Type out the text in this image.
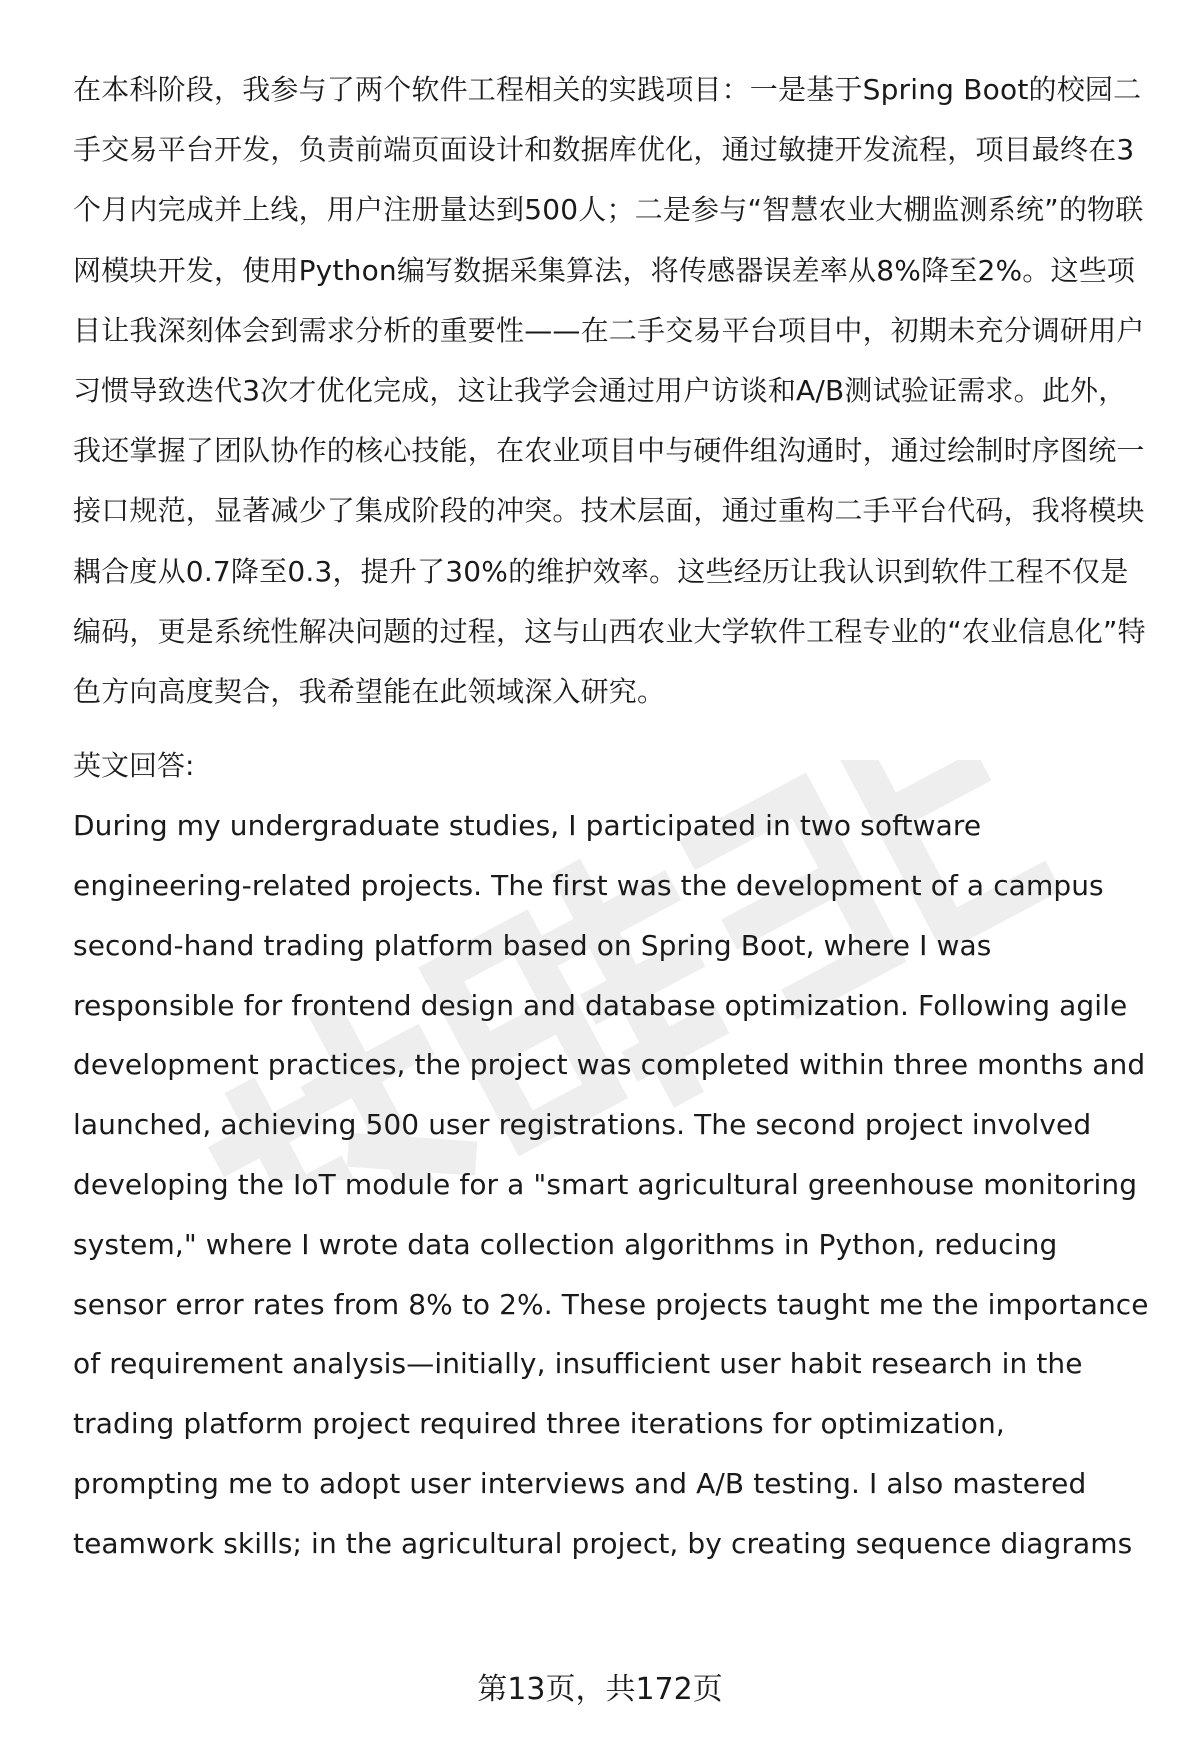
在本科阶段，我参与了两个软件工程相关的实践项目：一是基于Spring Boot的校园二手交易平台开发，负责前端页面设计和数据库优化，通过敏捷开发流程，项目最终在3个月内完成并上线，用户注册量达到500人；二是参与“智慧农业大棚监测系统”的物联网模块开发，使用Python编写数据采集算法，将传感器误差率从8%降至2%。这些项目让我深刻体会到需求分析的重要性——在二手交易平台项目中，初期未充分调研用户习惯导致迭代3次才优化完成，这让我学会通过用户访谈和A/B测试验证需求。此外，我还掌握了团队协作的核心技能，在农业项目中与硬件组沟通时，通过绘制时序图统一接口规范，显著减少了集成阶段的冲突。技术层面，通过重构二手平台代码，我将模块耦合度从0.7降至0.3，提升了30%的维护效率。这些经历让我认识到软件工程不仅是编码，更是系统性解决问题的过程，这与山西农业大学软件工程专业的“农业信息化”特色方向高度契合，我希望能在此领域深入研究。

英文回答:

During my undergraduate studies, I participated in two software engineering-related projects. The first was the development of a campus second-hand trading platform based on Spring Boot, where I was responsible for frontend design and database optimization. Following agile development practices, the project was completed within three months and launched, achieving 500 user registrations. The second project involved developing the IoT module for a "smart agricultural greenhouse monitoring system," where I wrote data collection algorithms in Python, reducing sensor error rates from 8% to 2%. These projects taught me the importance of requirement analysis—initially, insufficient user habit research in the trading platform project required three iterations for optimization, prompting me to adopt user interviews and A/B testing. I also mastered teamwork skills; in the agricultural project, by creating sequence diagrams

第13页，共172页
